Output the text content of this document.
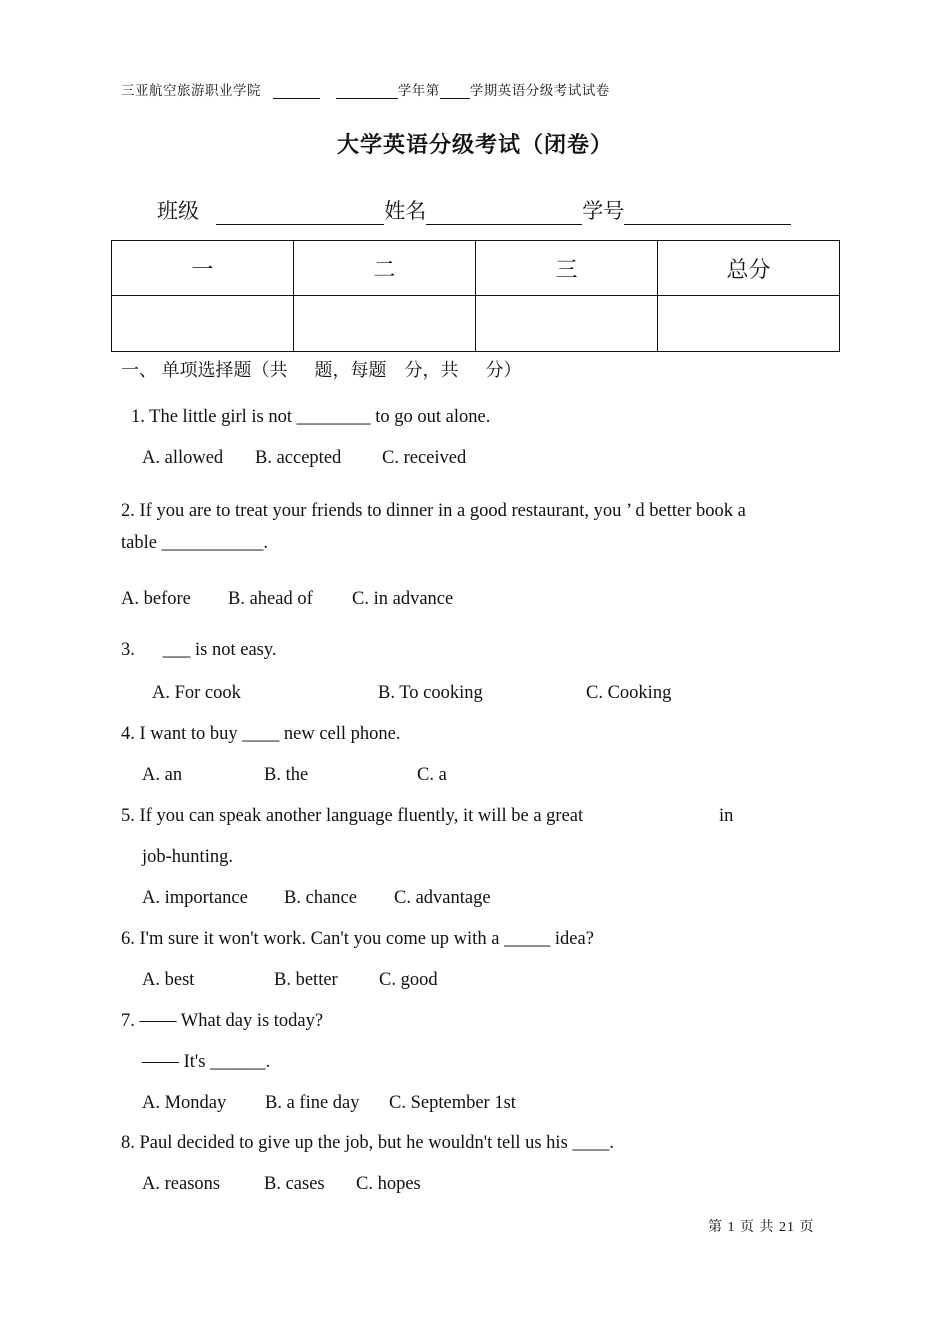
三亚航空旅游职业学院	学年第 学期英语分级考试试卷
大学英语分级考试（闭卷）
班级	姓名	学号
一	二	三	总分

一、 单项选择题（共      题，每题    分，共      分）
1. The little girl is not ________ to go out alone.
A. allowed B. accepted C. received
2. If you are to treat your friends to dinner in a good restaurant, you ’ d better book a
table ___________.
A. before B. ahead of C. in advance
3.      ___ is not easy.
A. For cook	B. To cooking	C. Cooking
4. I want to buy ____ new cell phone.
A. an	B. the	C. a
5. If you can speak another language fluently, it will be a great	in
job-hunting.
A. importance B. chance C. advantage
6. I'm sure it won't work. Can't you come up with a _____ idea?
A. best	B. better C. good
7. —— What day is today?
—— It's ______.
A. Monday B. a fine day C. September 1st
8. Paul decided to give up the job, but he wouldn't tell us his ____.
A. reasons B. cases C. hopes
第 1 页 共 21 页
